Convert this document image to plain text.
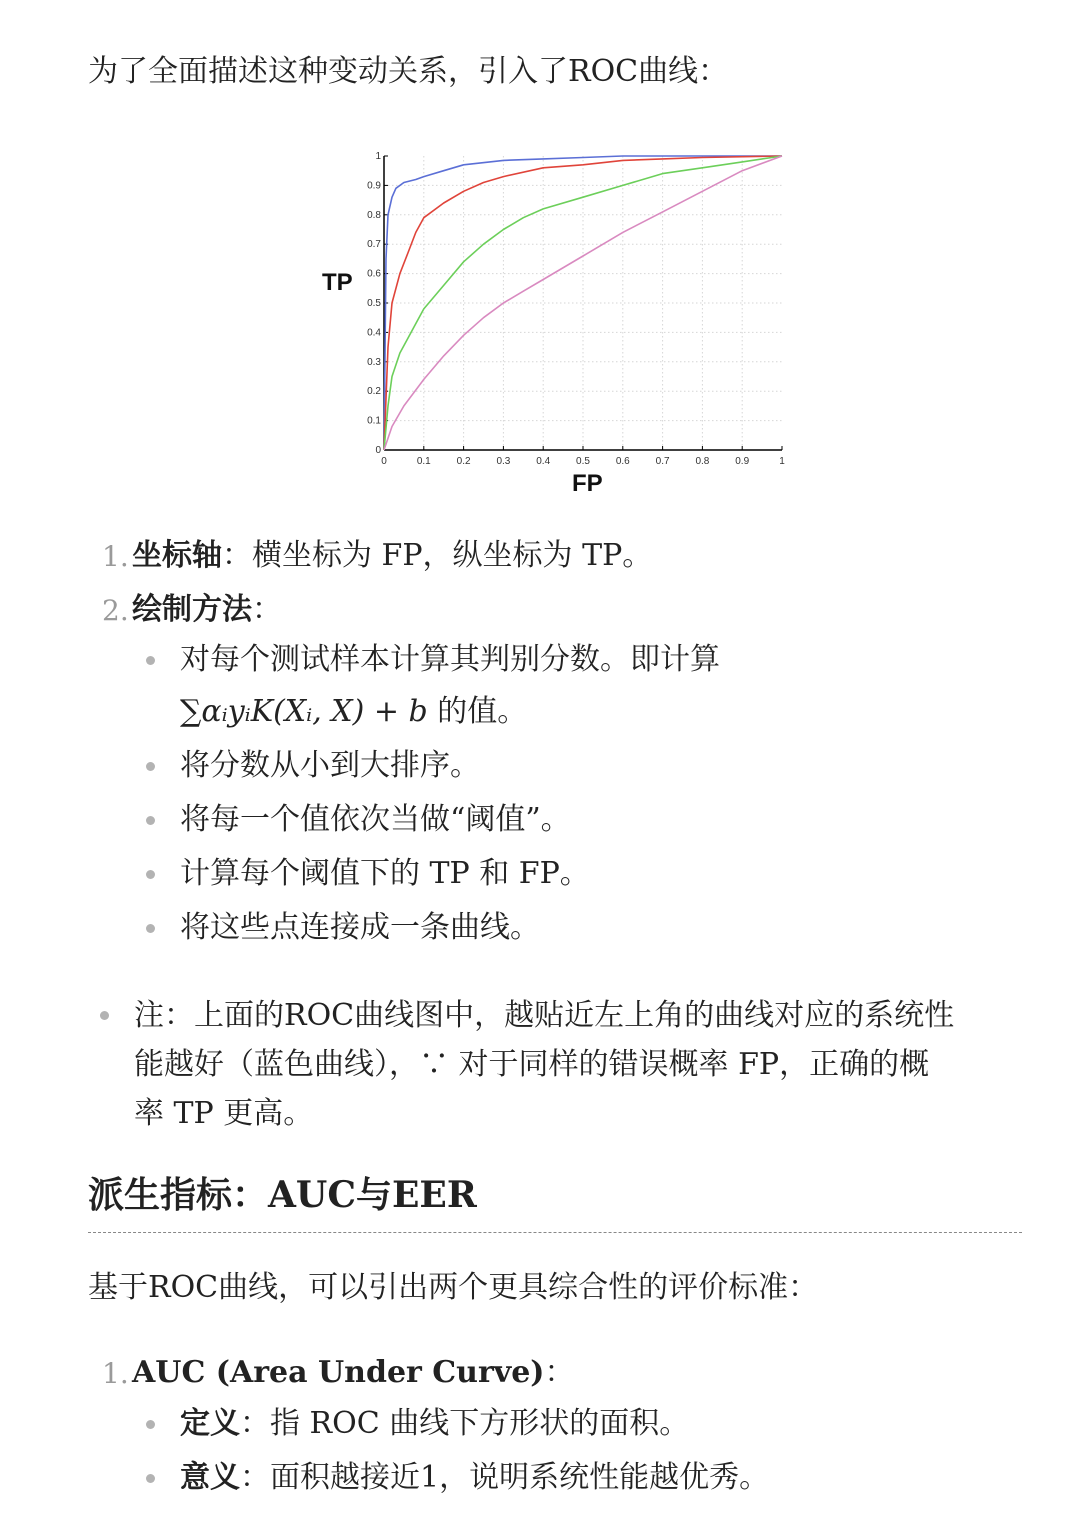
为了全面描述这种变动关系，引入了ROC曲线：

0	0.1	0.2	0.3	0.4	0.5	0.6	0.7	0.8	0.9	1
0
0.1
0.2
0.3
0.4
0.5
0.6
0.7
0.8
0.9
1
TP
FP
1. 坐标轴：横坐标为 FP，纵坐标为 TP。
2. 绘制方法：
对每个测试样本计算其判别分数。即计算
∑αᵢyᵢK(Xᵢ, X) + b 的值。
将分数从小到大排序。
将每一个值依次当做“阈值”。
计算每个阈值下的 TP 和 FP。
将这些点连接成一条曲线。
注：上面的ROC曲线图中，越贴近左上角的曲线对应的系统性
能越好（蓝色曲线），∵ 对于同样的错误概率 FP，正确的概
率 TP 更高。
派生指标：AUC与EER

基于ROC曲线，可以引出两个更具综合性的评价标准：

1. AUC (Area Under Curve)：
定义：指 ROC 曲线下方形状的面积。
意义：面积越接近1，说明系统性能越优秀。
